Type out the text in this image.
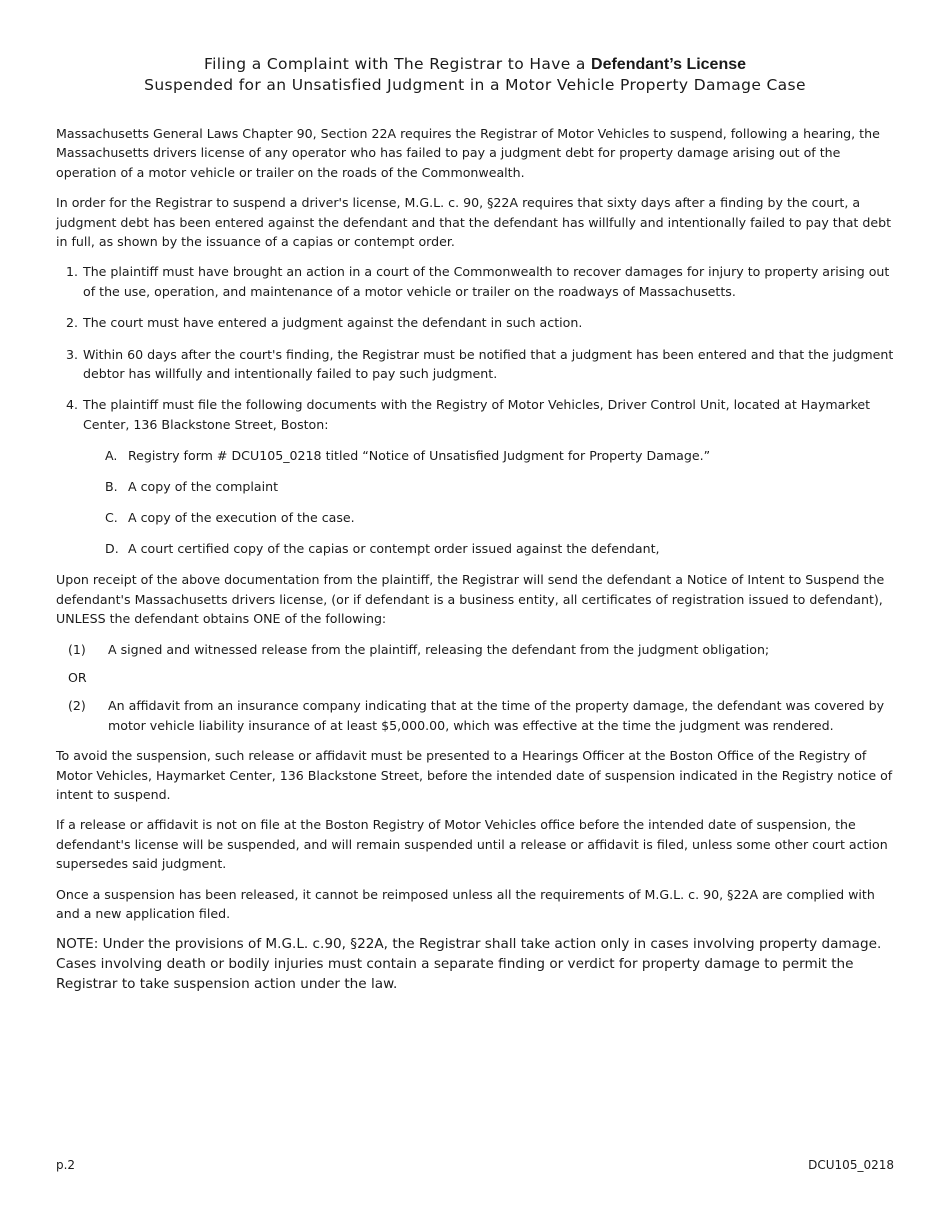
Filing a Complaint with The Registrar to Have a Defendant’s License
Suspended for an Unsatisfied Judgment in a Motor Vehicle Property Damage Case

Massachusetts General Laws Chapter 90, Section 22A requires the Registrar of Motor Vehicles to suspend, following a hearing, the Massachusetts drivers license of any operator who has failed to pay a judgment debt for property damage arising out of the operation of a motor vehicle or trailer on the roads of the Commonwealth.

In order for the Registrar to suspend a driver's license, M.G.L. c. 90, §22A requires that sixty days after a finding by the court, a judgment debt has been entered against the defendant and that the defendant has willfully and intentionally failed to pay that debt in full, as shown by the issuance of a capias or contempt order.

1. The plaintiff must have brought an action in a court of the Commonwealth to recover damages for injury to property arising out of the use, operation, and maintenance of a motor vehicle or trailer on the roadways of Massachusetts.
2. The court must have entered a judgment against the defendant in such action.
3. Within 60 days after the court's finding, the Registrar must be notified that a judgment has been entered and that the judgment debtor has willfully and intentionally failed to pay such judgment.
4. The plaintiff must file the following documents with the Registry of Motor Vehicles, Driver Control Unit, located at Haymarket Center, 136 Blackstone Street, Boston:
A. Registry form # DCU105_0218 titled “Notice of Unsatisfied Judgment for Property Damage.”
B. A copy of the complaint
C. A copy of the execution of the case.
D. A court certified copy of the capias or contempt order issued against the defendant,

Upon receipt of the above documentation from the plaintiff, the Registrar will send the defendant a Notice of Intent to Suspend the defendant's Massachusetts drivers license, (or if defendant is a business entity, all certificates of registration issued to defendant), UNLESS the defendant obtains ONE of the following:

(1) A signed and witnessed release from the plaintiff, releasing the defendant from the judgment obligation;
OR
(2) An affidavit from an insurance company indicating that at the time of the property damage, the defendant was covered by motor vehicle liability insurance of at least $5,000.00, which was effective at the time the judgment was rendered.

To avoid the suspension, such release or affidavit must be presented to a Hearings Officer at the Boston Office of the Registry of Motor Vehicles, Haymarket Center, 136 Blackstone Street, before the intended date of suspension indicated in the Registry notice of intent to suspend.

If a release or affidavit is not on file at the Boston Registry of Motor Vehicles office before the intended date of suspension, the defendant's license will be suspended, and will remain suspended until a release or affidavit is filed, unless some other court action supersedes said judgment.

Once a suspension has been released, it cannot be reimposed unless all the requirements of M.G.L. c. 90, §22A are complied with and a new application filed.

NOTE: Under the provisions of M.G.L. c.90, §22A, the Registrar shall take action only in cases involving property damage. Cases involving death or bodily injuries must contain a separate finding or verdict for property damage to permit the Registrar to take suspension action under the law.

p.2	DCU105_0218
